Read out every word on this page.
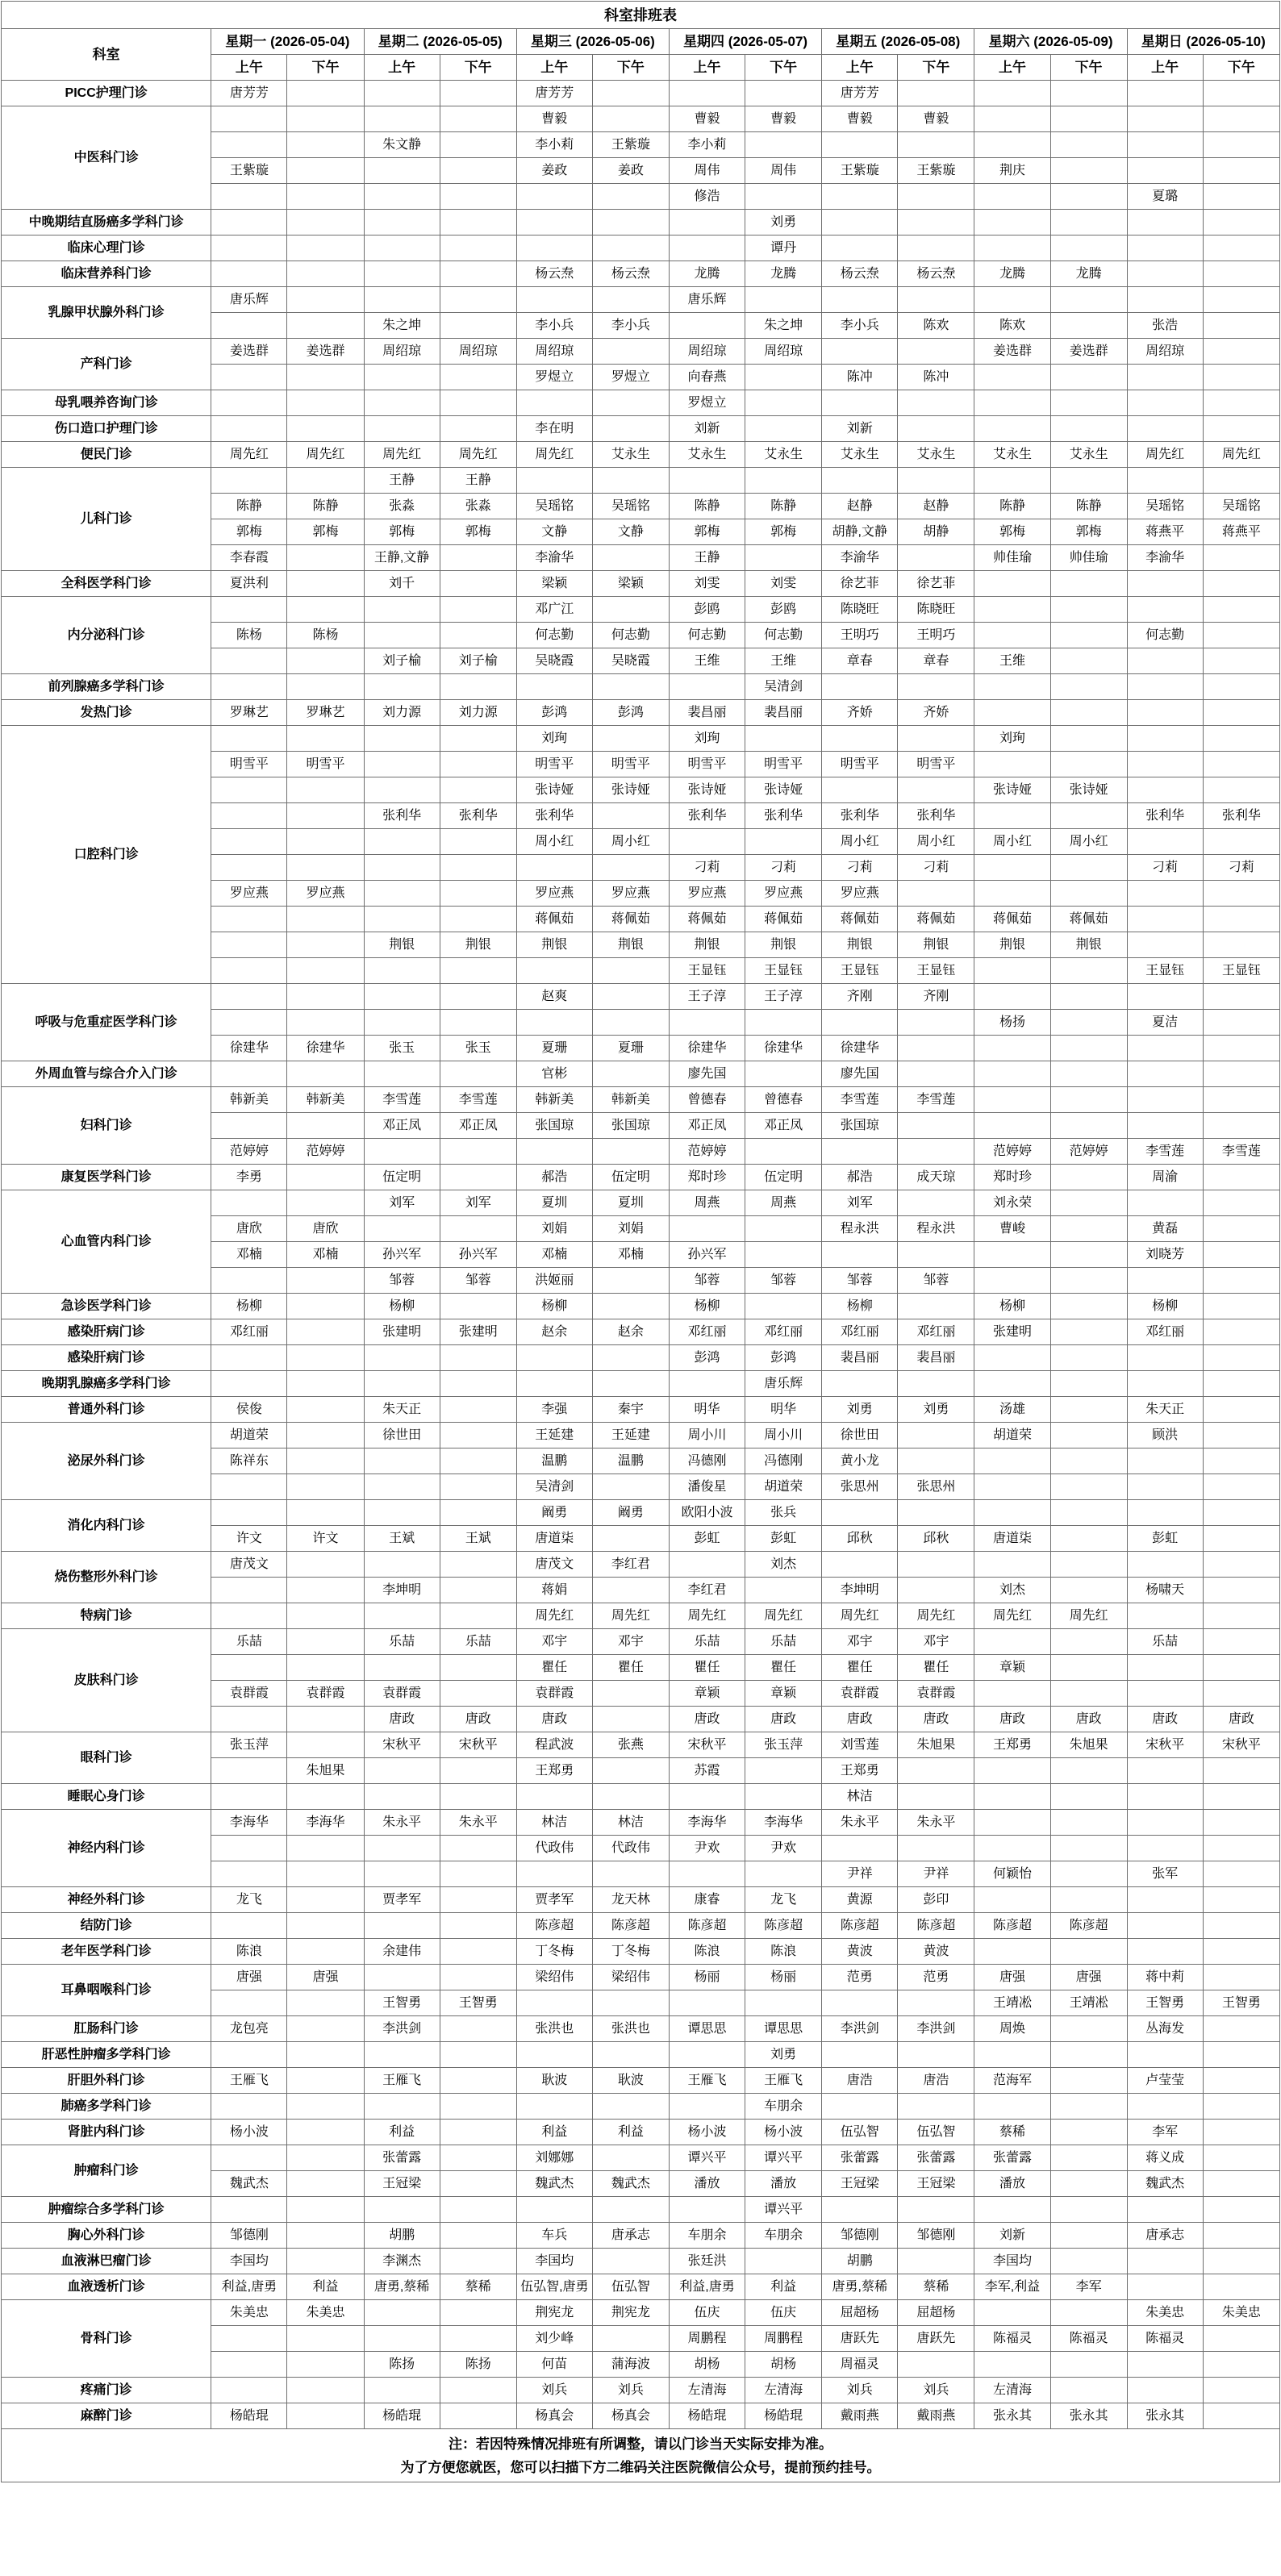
科室排班表														
科室	星期一 (2026-05-04)		星期二 (2026-05-05)		星期三 (2026-05-06)		星期四 (2026-05-07)		星期五 (2026-05-08)		星期六 (2026-05-09)		星期日 (2026-05-10)	
	上午	下午	上午	下午	上午	下午	上午	下午	上午	下午	上午	下午	上午	下午
PICC护理门诊	唐芳芳				唐芳芳				唐芳芳					
中医科门诊					曹毅		曹毅	曹毅	曹毅	曹毅				
			朱文静		李小莉	王紫璇	李小莉							
	王紫璇				姜政	姜政	周伟	周伟	王紫璇	王紫璇	荆庆			
							修浩						夏璐	
中晚期结直肠癌多学科门诊								刘勇						
临床心理门诊								谭丹						
临床营养科门诊					杨云焘	杨云焘	龙腾	龙腾	杨云焘	杨云焘	龙腾	龙腾		
乳腺甲状腺外科门诊	唐乐辉						唐乐辉							
			朱之坤		李小兵	李小兵		朱之坤	李小兵	陈欢	陈欢		张浩	
产科门诊	姜选群	姜选群	周绍琼	周绍琼	周绍琼		周绍琼	周绍琼			姜选群	姜选群	周绍琼	
					罗煜立	罗煜立	向春燕		陈冲	陈冲				
母乳喂养咨询门诊							罗煜立							
伤口造口护理门诊					李在明		刘新		刘新					
便民门诊	周先红	周先红	周先红	周先红	周先红	艾永生	艾永生	艾永生	艾永生	艾永生	艾永生	艾永生	周先红	周先红
儿科门诊			王静	王静										
	陈静	陈静	张淼	张淼	吴瑶铭	吴瑶铭	陈静	陈静	赵静	赵静	陈静	陈静	吴瑶铭	吴瑶铭
	郭梅	郭梅	郭梅	郭梅	文静	文静	郭梅	郭梅	胡静,文静	胡静	郭梅	郭梅	蒋燕平	蒋燕平
	李春霞		王静,文静		李渝华		王静		李渝华		帅佳瑜	帅佳瑜	李渝华	
全科医学科门诊	夏洪利		刘千		梁颖	梁颖	刘雯	刘雯	徐艺菲	徐艺菲				
内分泌科门诊					邓广江		彭鸥	彭鸥	陈晓旺	陈晓旺				
	陈杨	陈杨			何志勤	何志勤	何志勤	何志勤	王明巧	王明巧			何志勤	
			刘子榆	刘子榆	吴晓霞	吴晓霞	王维	王维	章春	章春	王维			
前列腺癌多学科门诊								吴清剑						
发热门诊	罗琳艺	罗琳艺	刘力源	刘力源	彭鸿	彭鸿	裴昌丽	裴昌丽	齐娇	齐娇				
口腔科门诊					刘珣		刘珣				刘珣			
	明雪平	明雪平			明雪平	明雪平	明雪平	明雪平	明雪平	明雪平				
					张诗娅	张诗娅	张诗娅	张诗娅			张诗娅	张诗娅		
			张利华	张利华	张利华		张利华	张利华	张利华	张利华			张利华	张利华
					周小红	周小红			周小红	周小红	周小红	周小红		
							刁莉	刁莉	刁莉	刁莉			刁莉	刁莉
	罗应燕	罗应燕			罗应燕	罗应燕	罗应燕	罗应燕	罗应燕					
					蒋佩茹	蒋佩茹	蒋佩茹	蒋佩茹	蒋佩茹	蒋佩茹	蒋佩茹	蒋佩茹		
			荆银	荆银	荆银	荆银	荆银	荆银	荆银	荆银	荆银	荆银		
							王显钰	王显钰	王显钰	王显钰			王显钰	王显钰
呼吸与危重症医学科门诊					赵爽		王子淳	王子淳	齐刚	齐刚				
											杨扬		夏洁	
	徐建华	徐建华	张玉	张玉	夏珊	夏珊	徐建华	徐建华	徐建华					
外周血管与综合介入门诊					官彬		廖先国		廖先国					
妇科门诊	韩新美	韩新美	李雪莲	李雪莲	韩新美	韩新美	曾德春	曾德春	李雪莲	李雪莲				
			邓正凤	邓正凤	张国琼	张国琼	邓正凤	邓正凤	张国琼					
	范婷婷	范婷婷					范婷婷				范婷婷	范婷婷	李雪莲	李雪莲
康复医学科门诊	李勇		伍定明		郝浩	伍定明	郑时珍	伍定明	郝浩	成天琼	郑时珍		周渝	
心血管内科门诊			刘军	刘军	夏圳	夏圳	周燕	周燕	刘军		刘永荣			
	唐欣	唐欣			刘娟	刘娟			程永洪	程永洪	曹峻		黄磊	
	邓楠	邓楠	孙兴军	孙兴军	邓楠	邓楠	孙兴军						刘晓芳	
			邹蓉	邹蓉	洪姬丽		邹蓉	邹蓉	邹蓉	邹蓉				
急诊医学科门诊	杨柳		杨柳		杨柳		杨柳		杨柳		杨柳		杨柳	
感染肝病门诊	邓红丽		张建明	张建明	赵余	赵余	邓红丽	邓红丽	邓红丽	邓红丽	张建明		邓红丽	
感染肝病门诊							彭鸿	彭鸿	裴昌丽	裴昌丽				
晚期乳腺癌多学科门诊								唐乐辉						
普通外科门诊	侯俊		朱天正		李强	秦宇	明华	明华	刘勇	刘勇	汤雄		朱天正	
泌尿外科门诊	胡道荣		徐世田		王延建	王延建	周小川	周小川	徐世田		胡道荣		顾洪	
	陈祥东				温鹏	温鹏	冯德刚	冯德刚	黄小龙					
					吴清剑		潘俊星	胡道荣	张思州	张思州				
消化内科门诊					阚勇	阚勇	欧阳小波	张兵						
	许文	许文	王斌	王斌	唐道柒		彭虹	彭虹	邱秋	邱秋	唐道柒		彭虹	
烧伤整形外科门诊	唐茂文				唐茂文	李红君		刘杰						
			李坤明		蒋娟		李红君		李坤明		刘杰		杨啸天	
特病门诊					周先红	周先红	周先红	周先红	周先红	周先红	周先红	周先红		
皮肤科门诊	乐喆		乐喆	乐喆	邓宇	邓宇	乐喆	乐喆	邓宇	邓宇			乐喆	
					瞿任	瞿任	瞿任	瞿任	瞿任	瞿任	章颖			
	袁群霞	袁群霞	袁群霞		袁群霞		章颖	章颖	袁群霞	袁群霞				
			唐政	唐政	唐政		唐政	唐政	唐政	唐政	唐政	唐政	唐政	唐政
眼科门诊	张玉萍		宋秋平	宋秋平	程武波	张燕	宋秋平	张玉萍	刘雪莲	朱旭果	王郑勇	朱旭果	宋秋平	宋秋平
		朱旭果			王郑勇		苏霞		王郑勇					
睡眠心身门诊									林洁					
神经内科门诊	李海华	李海华	朱永平	朱永平	林洁	林洁	李海华	李海华	朱永平	朱永平				
					代政伟	代政伟	尹欢	尹欢						
									尹祥	尹祥	何颖怡		张军	
神经外科门诊	龙飞		贾孝军		贾孝军	龙天林	康睿	龙飞	黄源	彭印				
结防门诊					陈彦超	陈彦超	陈彦超	陈彦超	陈彦超	陈彦超	陈彦超	陈彦超		
老年医学科门诊	陈浪		余建伟		丁冬梅	丁冬梅	陈浪	陈浪	黄波	黄波				
耳鼻咽喉科门诊	唐强	唐强			梁绍伟	梁绍伟	杨丽	杨丽	范勇	范勇	唐强	唐强	蒋中莉	
			王智勇	王智勇							王靖凇	王靖凇	王智勇	王智勇
肛肠科门诊	龙包亮		李洪剑		张洪也	张洪也	谭思思	谭思思	李洪剑	李洪剑	周焕		丛海发	
肝恶性肿瘤多学科门诊								刘勇						
肝胆外科门诊	王雁飞		王雁飞		耿波	耿波	王雁飞	王雁飞	唐浩	唐浩	范海军		卢莹莹	
肺癌多学科门诊								车朋余						
肾脏内科门诊	杨小波		利益		利益	利益	杨小波	杨小波	伍弘智	伍弘智	蔡稀		李军	
肿瘤科门诊			张蕾露		刘娜娜		谭兴平	谭兴平	张蕾露	张蕾露	张蕾露		蒋义成	
	魏武杰		王冠梁		魏武杰	魏武杰	潘放	潘放	王冠梁	王冠梁	潘放		魏武杰	
肿瘤综合多学科门诊								谭兴平						
胸心外科门诊	邹德刚		胡鹏		车兵	唐承志	车朋余	车朋余	邹德刚	邹德刚	刘新		唐承志	
血液淋巴瘤门诊	李国均		李渊杰		李国均		张廷洪		胡鹏		李国均			
血液透析门诊	利益,唐勇	利益	唐勇,蔡稀	蔡稀	伍弘智,唐勇	伍弘智	利益,唐勇	利益	唐勇,蔡稀	蔡稀	李军,利益	李军		
骨科门诊	朱美忠	朱美忠			荆宪龙	荆宪龙	伍庆	伍庆	屈超杨	屈超杨			朱美忠	朱美忠
					刘少峰		周鹏程	周鹏程	唐跃先	唐跃先	陈福灵	陈福灵	陈福灵	
			陈扬	陈扬	何苗	蒲海波	胡杨	胡杨	周福灵					
疼痛门诊					刘兵	刘兵	左清海	左清海	刘兵	刘兵	左清海			
麻醉门诊	杨皓琨		杨皓琨		杨真会	杨真会	杨皓琨	杨皓琨	戴雨燕	戴雨燕	张永其	张永其	张永其	

注：若因特殊情况排班有所调整，请以门诊当天实际安排为准。
为了方便您就医，您可以扫描下方二维码关注医院微信公众号，提前预约挂号。														
